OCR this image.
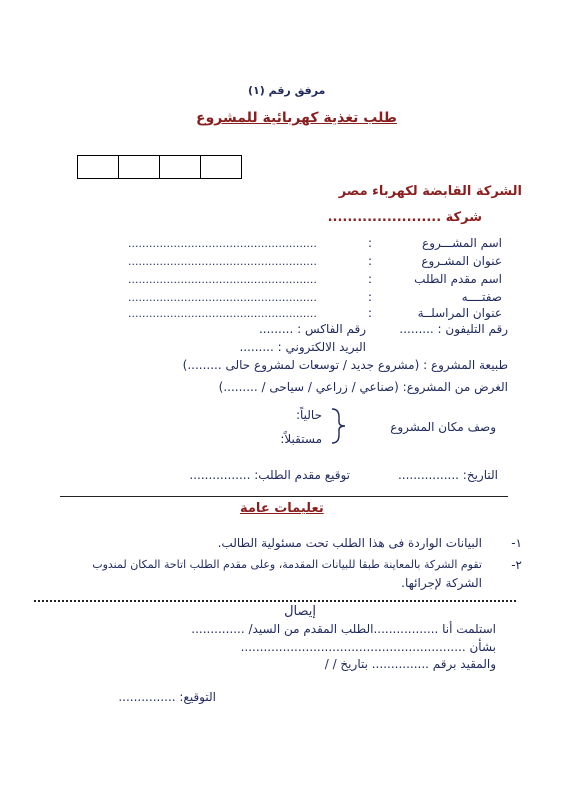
مرفق رقم (١)
طلب تغذية كهربائية للمشروع
الشركة القابضة لكهرباء مصر
شركة .......................
اسم المشـــروع
:
......................................................
عنوان المشـروع
:
......................................................
اسم مقدم الطلب
:
......................................................
صفتــــه
:
......................................................
عنوان المراسلــة
:
......................................................
رقم التليفون : .........
رقم الفاكس : .........
البريد الالكتروني : .........
طبيعة المشروع : (مشروع جديد / توسعات لمشروع حالى .........)
الغرض من المشروع: (صناعي / زراعي / سياحى / .........)
وصف مكان المشروع
حالياً:
مستقبلاً:
التاريخ: ................
توقيع مقدم الطلب: ................
تعليمات عامة
١-
البيانات الواردة فى هذا الطلب تحت مسئولية الطالب.
٢-
تقوم الشركة بالمعاينة طبقا للبيانات المقدمة، وعلى مقدم الطلب اتاحة المكان لمندوب
الشركة لإجرائها.
إيصال
استلمت أنا .................الطلب المقدم من السيد/ ..............
بشأن ...........................................................
والمقيد برقم ............... بتاريخ / /
التوقيع: ...............
